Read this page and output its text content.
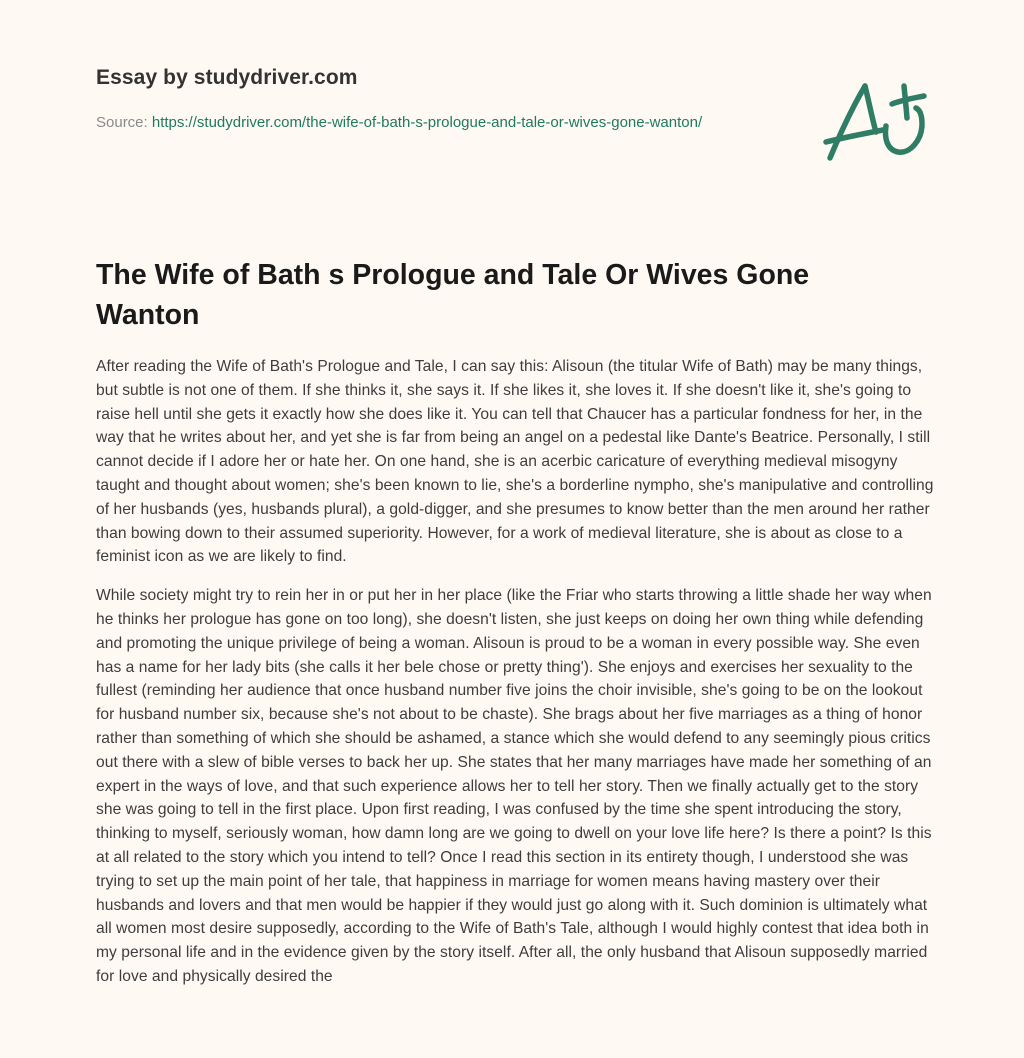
Essay by studydriver.com
Source: https://studydriver.com/the-wife-of-bath-s-prologue-and-tale-or-wives-gone-wanton/
The Wife of Bath s Prologue and Tale Or Wives Gone Wanton

After reading the Wife of Bath's Prologue and Tale, I can say this: Alisoun (the titular Wife of Bath) may be many things, but subtle is not one of them. If she thinks it, she says it. If she likes it, she loves it. If she doesn't like it, she's going to raise hell until she gets it exactly how she does like it. You can tell that Chaucer has a particular fondness for her, in the way that he writes about her, and yet she is far from being an angel on a pedestal like Dante's Beatrice. Personally, I still cannot decide if I adore her or hate her. On one hand, she is an acerbic caricature of everything medieval misogyny taught and thought about women; she's been known to lie, she's a borderline nympho, she's manipulative and controlling of her husbands (yes, husbands plural), a gold-digger, and she presumes to know better than the men around her rather than bowing down to their assumed superiority. However, for a work of medieval literature, she is about as close to a feminist icon as we are likely to find.

While society might try to rein her in or put her in her place (like the Friar who starts throwing a little shade her way when he thinks her prologue has gone on too long), she doesn't listen, she just keeps on doing her own thing while defending and promoting the unique privilege of being a woman. Alisoun is proud to be a woman in every possible way. She even has a name for her lady bits (she calls it her bele chose or pretty thing'). She enjoys and exercises her sexuality to the fullest (reminding her audience that once husband number five joins the choir invisible, she's going to be on the lookout for husband number six, because she's not about to be chaste). She brags about her five marriages as a thing of honor rather than something of which she should be ashamed, a stance which she would defend to any seemingly pious critics out there with a slew of bible verses to back her up. She states that her many marriages have made her something of an expert in the ways of love, and that such experience allows her to tell her story. Then we finally actually get to the story she was going to tell in the first place. Upon first reading, I was confused by the time she spent introducing the story, thinking to myself, seriously woman, how damn long are we going to dwell on your love life here? Is there a point? Is this at all related to the story which you intend to tell? Once I read this section in its entirety though, I understood she was trying to set up the main point of her tale, that happiness in marriage for women means having mastery over their husbands and lovers and that men would be happier if they would just go along with it. Such dominion is ultimately what all women most desire supposedly, according to the Wife of Bath's Tale, although I would highly contest that idea both in my personal life and in the evidence given by the story itself. After all, the only husband that Alisoun supposedly married for love and physically desired the
